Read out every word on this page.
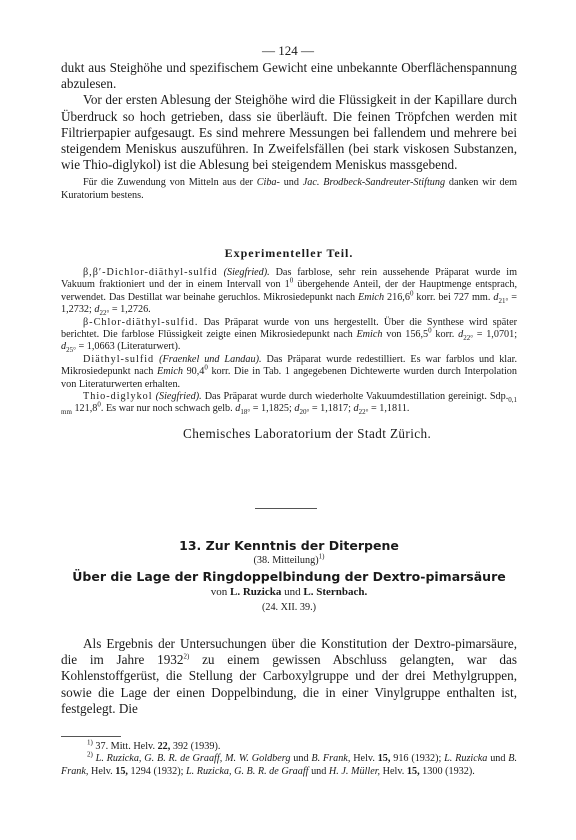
— 124 —

dukt aus Steighöhe und spezifischem Gewicht eine unbekannte Oberflächenspannung abzulesen.

Vor der ersten Ablesung der Steighöhe wird die Flüssigkeit in der Kapillare durch Überdruck so hoch getrieben, dass sie überläuft. Die feinen Tröpfchen werden mit Filtrierpapier aufgesaugt. Es sind mehrere Messungen bei fallendem und mehrere bei steigendem Meniskus auszuführen. In Zweifelsfällen (bei stark viskosen Substanzen, wie Thio-diglykol) ist die Ablesung bei steigendem Meniskus massgebend.

Für die Zuwendung von Mitteln aus der Ciba- und Jac. Brodbeck-Sandreuter-Stiftung danken wir dem Kuratorium bestens.

Experimenteller Teil.

β,β′-Dichlor-diäthyl-sulfid (Siegfried). Das farblose, sehr rein aussehende Präparat wurde im Vakuum fraktioniert und der in einem Intervall von $1^0$ übergehende Anteil, der der Hauptmenge entsprach, verwendet. Das Destillat war beinahe geruchlos. Mikrosiedepunkt nach Emich 216,6$^0$ korr. bei 727 mm. $d_{21^\circ} = 1,2732$; $d_{22^\circ} = 1,2726$.

β-Chlor-diäthyl-sulfid. Das Präparat wurde von uns hergestellt. Über die Synthese wird später berichtet. Die farblose Flüssigkeit zeigte einen Mikrosiedepunkt nach Emich von 156,5$^0$ korr. $d_{22^\circ} = 1,0701$; $d_{25^\circ} = 1,0663$ (Literaturwert).

Diäthyl-sulfid (Fraenkel und Landau). Das Präparat wurde redestilliert. Es war farblos und klar. Mikrosiedepunkt nach Emich 90,4$^0$ korr. Die in Tab. 1 angegebenen Dichtewerte wurden durch Interpolation von Literaturwerten erhalten.

Thio-diglykol (Siegfried). Das Präparat wurde durch wiederholte Vakuumdestillation gereinigt. $Sdp._{0,1 mm}$ 121,8$^0$. Es war nur noch schwach gelb. $d_{18^\circ} = 1,1825$; $d_{20^\circ} = 1,1817$; $d_{22^\circ} = 1,1811$.

Chemisches Laboratorium der Stadt Zürich.

13. Zur Kenntnis der Diterpene

(38. Mitteilung)$^{1)}$

Über die Lage der Ringdoppelbindung der Dextro-pimarsäure

von L. Ruzicka und L. Sternbach.

(24. XII. 39.)

Als Ergebnis der Untersuchungen über die Konstitution der Dextro-pimarsäure, die im Jahre 1932$^{2)}$ zu einem gewissen Abschluss gelangten, war das Kohlenstoffgerüst, die Stellung der Carboxylgruppe und der drei Methylgruppen, sowie die Lage der einen Doppelbindung, die in einer Vinylgruppe enthalten ist, festgelegt. Die

$^{1)}$ 37. Mitt. Helv. 22, 392 (1939).

$^{2)}$ L. Ruzicka, G. B. R. de Graaff, M. W. Goldberg und B. Frank, Helv. 15, 916 (1932); L. Ruzicka und B. Frank, Helv. 15, 1294 (1932); L. Ruzicka, G. B. R. de Graaff und H. J. Müller, Helv. 15, 1300 (1932).
